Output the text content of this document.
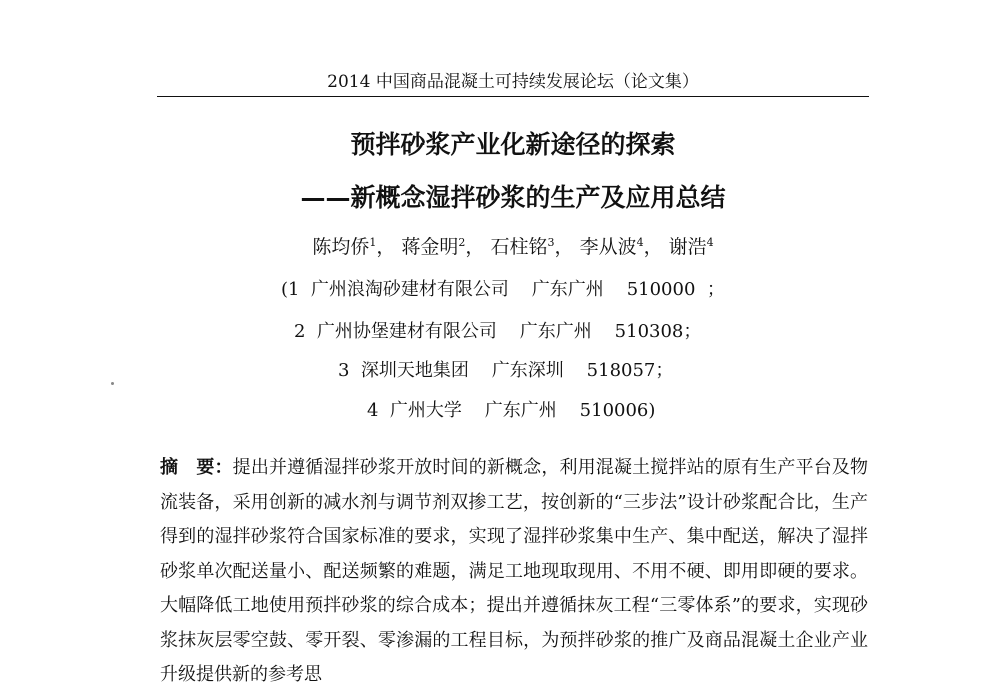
2014 中国商品混凝土可持续发展论坛（论文集）
预拌砂浆产业化新途径的探索
——新概念湿拌砂浆的生产及应用总结
陈均侨$^1$， 蒋金明$^2$， 石柱铭$^3$， 李从波$^4$， 谢浩$^4$
(1  广州浪淘砂建材有限公司    广东广州    510000  ；
2  广州协堡建材有限公司    广东广州    510308；
3  深圳天地集团    广东深圳    518057；
4  广州大学    广东广州    510006)

摘 要：提出并遵循湿拌砂浆开放时间的新概念，利用混凝土搅拌站的原有生产平台及物流装备，采用创新的减水剂与调节剂双掺工艺，按创新的“三步法”设计砂浆配合比，生产得到的湿拌砂浆符合国家标准的要求，实现了湿拌砂浆集中生产、集中配送，解决了湿拌砂浆单次配送量小、配送频繁的难题，满足工地现取现用、不用不硬、即用即硬的要求。大幅降低工地使用预拌砂浆的综合成本；提出并遵循抹灰工程“三零体系”的要求，实现砂浆抹灰层零空鼓、零开裂、零渗漏的工程目标，为预拌砂浆的推广及商品混凝土企业产业升级提供新的参考思
